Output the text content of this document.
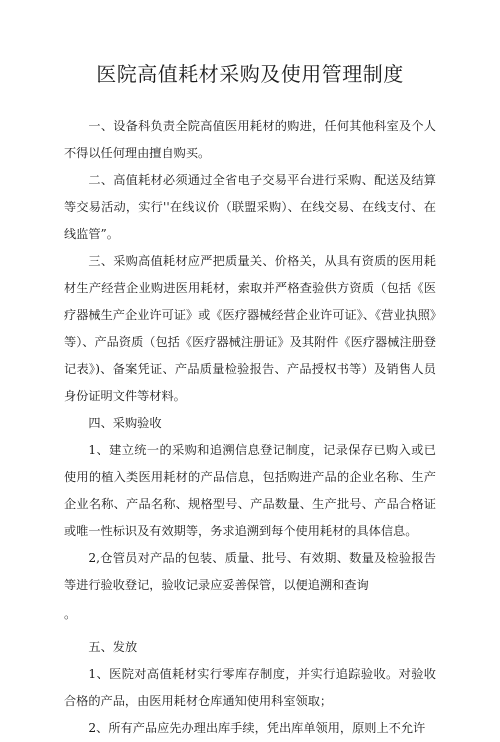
医院高值耗材采购及使用管理制度

一、设备科负责全院高值医用耗材的购进，任何其他科室及个人不得以任何理由擅自购买。

二、高值耗材必须通过全省电子交易平台进行采购、配送及结算等交易活动，实行''在线议价（联盟采购）、在线交易、在线支付、在线监管”。

三、采购高值耗材应严把质量关、价格关，从具有资质的医用耗材生产经营企业购进医用耗材，索取并严格查验供方资质（包括《医疗器械生产企业许可证》或《医疗器械经营企业许可证》、《营业执照》等）、产品资质（包括《医疗器械注册证》及其附件《医疗器械注册登记表》)、备案凭证、产品质量检验报告、产品授权书等）及销售人员身份证明文件等材料。

四、采购验收

1、建立统一的采购和追溯信息登记制度，记录保存已购入或已使用的植入类医用耗材的产品信息，包括购进产品的企业名称、生产企业名称、产品名称、规格型号、产品数量、生产批号、产品合格证或唯一性标识及有效期等，务求追溯到每个使用耗材的具体信息。

2,仓管员对产品的包装、质量、批号、有效期、数量及检验报告等进行验收登记，验收记录应妥善保管，以便追溯和查询

。

五、发放

1、医院对高值耗材实行零库存制度，并实行追踪验收。对验收合格的产品，由医用耗材仓库通知使用科室领取；

2、所有产品应先办理出库手续，凭出库单领用，原则上不允许
